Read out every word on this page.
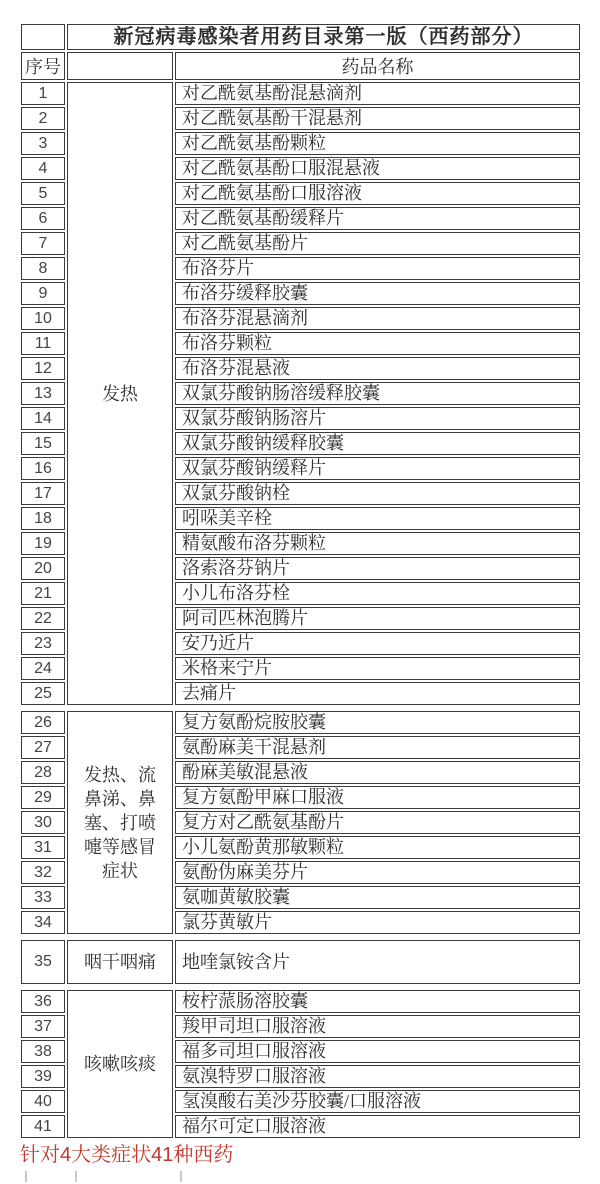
	新冠病毒感染者用药目录第一版（西药部分）	
序号		药品名称
1	发热	对乙酰氨基酚混悬滴剂
2		对乙酰氨基酚干混悬剂
3		对乙酰氨基酚颗粒
4		对乙酰氨基酚口服混悬液
5		对乙酰氨基酚口服溶液
6		对乙酰氨基酚缓释片
7		对乙酰氨基酚片
8		布洛芬片
9		布洛芬缓释胶囊
10		布洛芬混悬滴剂
11		布洛芬颗粒
12		布洛芬混悬液
13		双氯芬酸钠肠溶缓释胶囊
14		双氯芬酸钠肠溶片
15		双氯芬酸钠缓释胶囊
16		双氯芬酸钠缓释片
17		双氯芬酸钠栓
18		吲哚美辛栓
19		精氨酸布洛芬颗粒
20		洛索洛芬钠片
21		小儿布洛芬栓
22		阿司匹林泡腾片
23		安乃近片
24		米格来宁片
25		去痛片

26	发热、流鼻涕、鼻塞、打喷嚏等感冒症状	复方氨酚烷胺胶囊
27		氨酚麻美干混悬剂
28		酚麻美敏混悬液
29		复方氨酚甲麻口服液
30		复方对乙酰氨基酚片
31		小儿氨酚黄那敏颗粒
32		氨酚伪麻美芬片
33		氨咖黄敏胶囊
34		氯芬黄敏片

35	咽干咽痛	地喹氯铵含片

36	咳嗽咳痰	桉柠蒎肠溶胶囊
37		羧甲司坦口服溶液
38		福多司坦口服溶液
39		氨溴特罗口服溶液
40		氢溴酸右美沙芬胶囊/口服溶液
41		福尔可定口服溶液
针对4大类症状41种西药
